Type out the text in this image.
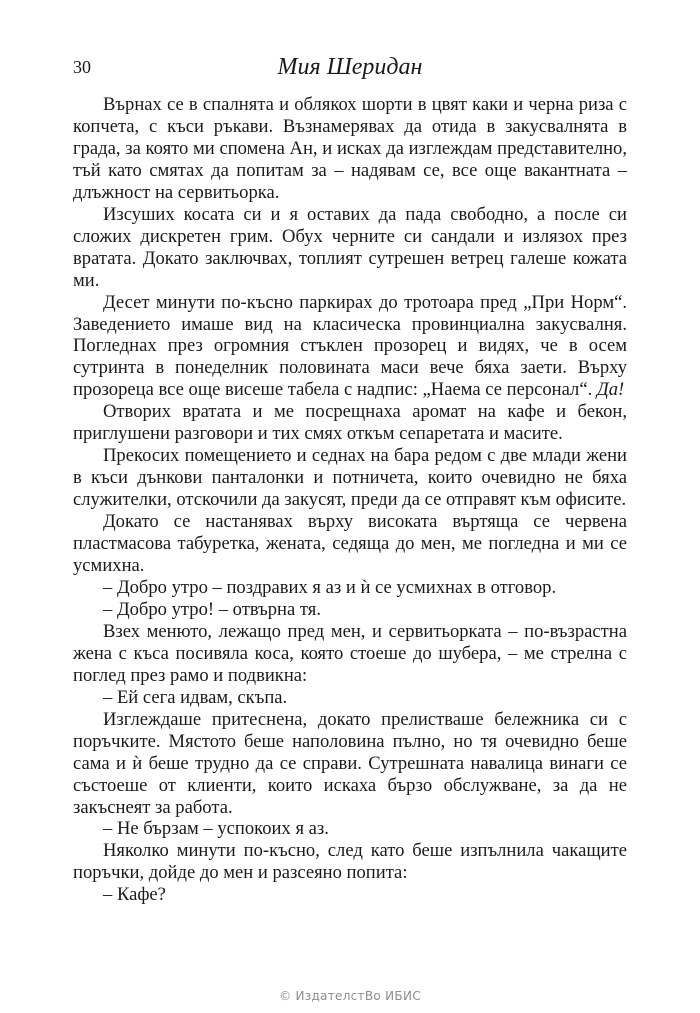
30	Мия Шеридан

Върнах се в спалнята и облякох шорти в цвят каки и черна риза с копчета, с къси ръкави. Възнамерявах да отида в закусвалнята в града, за която ми спомена Ан, и исках да изглеждам представително, тъй като смятах да попитам за – надявам се, все още вакантната – длъжност на сервитьорка.

Изсуших косата си и я оставих да пада свободно, а после си сложих дискретен грим. Обух черните си сандали и излязох през вратата. Докато заключвах, топлият сутрешен ветрец галеше кожата ми.

Десет минути по-късно паркирах до тротоара пред „При Норм“. Заведението имаше вид на класическа провинциална закусвалня. Погледнах през огромния стъклен прозорец и видях, че в осем сутринта в понеделник половината маси вече бяха заети. Върху прозореца все още висеше табела с надпис: „Наема се персонал“. Да!

Отворих вратата и ме посрещнаха аромат на кафе и бекон, приглушени разговори и тих смях откъм сепаретата и масите.

Прекосих помещението и седнах на бара редом с две млади жени в къси дънкови панталонки и потничета, които очевидно не бяха служителки, отскочили да закусят, преди да се отправят към офисите.

Докато се настанявах върху високата въртяща се червена пластмасова табуретка, жената, седяща до мен, ме погледна и ми се усмихна.

– Добро утро – поздравих я аз и ѝ се усмихнах в отговор.

– Добро утро! – отвърна тя.

Взех менюто, лежащо пред мен, и сервитьорката – по-възрастна жена с къса посивяла коса, която стоеше до шубера, – ме стрелна с поглед през рамо и подвикна:

– Ей сега идвам, скъпа.

Изглеждаше притеснена, докато прелистваше бележника си с поръчките. Мястото беше наполовина пълно, но тя очевидно беше сама и ѝ беше трудно да се справи. Сутрешната навалица винаги се състоеше от клиенти, които искаха бързо обслужване, за да не закъснеят за работа.

– Не бързам – успокоих я аз.

Няколко минути по-късно, след като беше изпълнила чакащите поръчки, дойде до мен и разсеяно попита:

– Кафе?

© ИздателстВо ИБИС
